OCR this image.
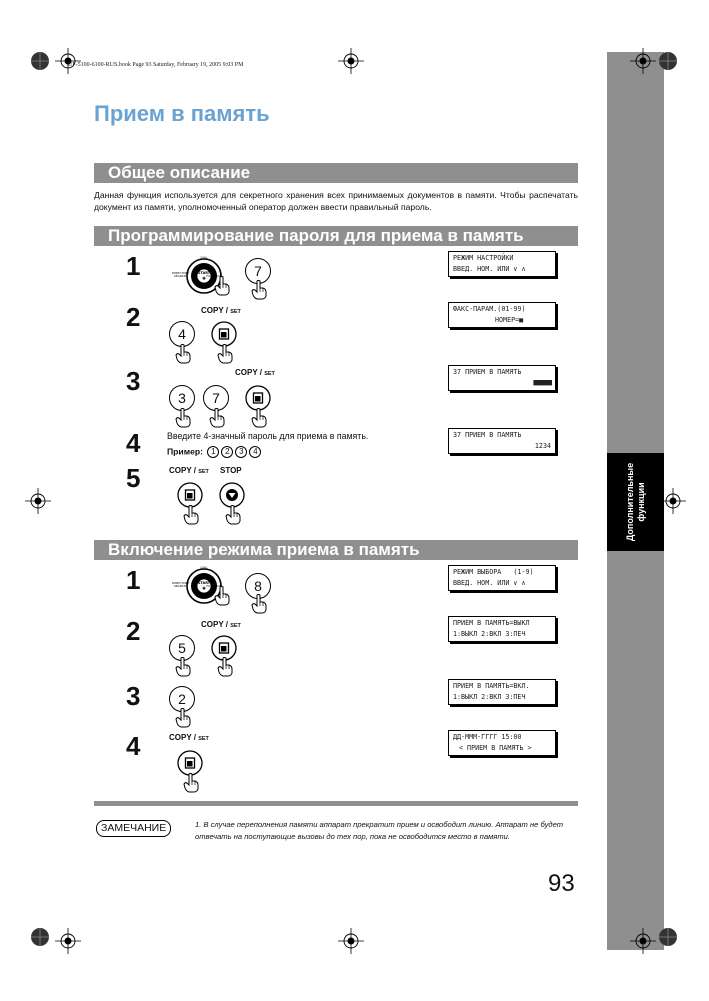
Дополнительные функции
UF-5100-6100-RUS.book Page 93 Saturday, February 19, 2005 9:03 PM
Прием в память
Общее описание
Данная функция используется для секретного хранения всех принимаемых документов в памяти. Чтобы распечатать документ из памяти, уполномоченный оператор должен ввести правильный пароль.
Программирование пароля для приема в память
1	7
РЕЖИМ НАСТРОЙКИ
ВВЕД. НОМ. ИЛИ ∨ ∧
2	COPY / SET
4
ФАКС-ПАРАМ.(01-99)
НОМЕР=■
3	COPY / SET
3	7
37 ПРИЕМ В ПАМЯТЬ
■■■■
4	Введите 4-значный пароль для приема в память.
Пример: 1 2 3 4
37 ПРИЕМ В ПАМЯТЬ
1234
5	COPY / SET STOP
Включение режима приема в память
1	8
РЕЖИМ ВЫБОРА   (1-9)
ВВЕД. НОМ. ИЛИ ∨ ∧
2	COPY / SET
5
ПРИЕМ В ПАМЯТЬ=ВЫКЛ
1:ВЫКЛ 2:ВКЛ 3:ПЕЧ
3	2
ПРИЕМ В ПАМЯТЬ=ВКЛ.
1:ВЫКЛ 2:ВКЛ 3:ПЕЧ
4	COPY / SET	ДД-МММ-ГГГГ 15:00
< ПРИЕМ В ПАМЯТЬ >
ЗАМЕЧАНИЕ	1. В случае переполнения памяти аппарат прекратит прием и освободит линию. Аппарат не будет отвечать на поступающие вызовы до тех пор, пока не освободится место в памяти.
93
